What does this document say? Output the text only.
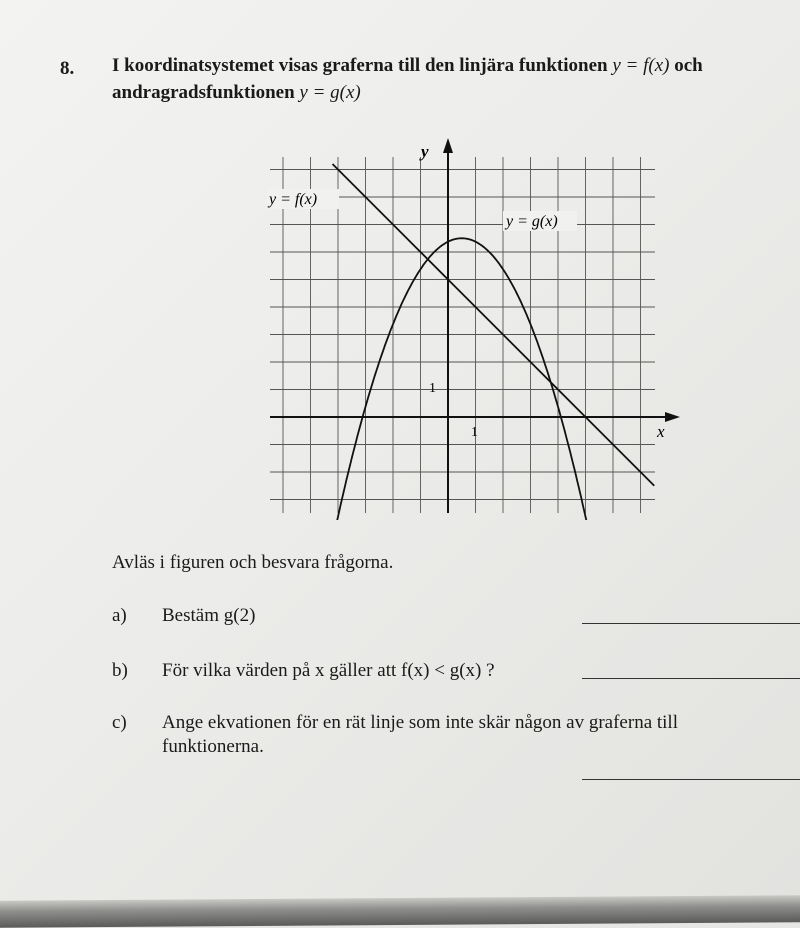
8. I koordinatsystemet visas graferna till den linjära funktionen y = f(x) och
andragradsfunktionen y = g(x)
y = f(x)
y = g(x)
y
x
1
1
Avläs i figuren och besvara frågorna.
a)	Bestäm g(2)
b)	För vilka värden på x gäller att f(x) < g(x) ?
c)	Ange ekvationen för en rät linje som inte skär någon av graferna till
funktionerna.
